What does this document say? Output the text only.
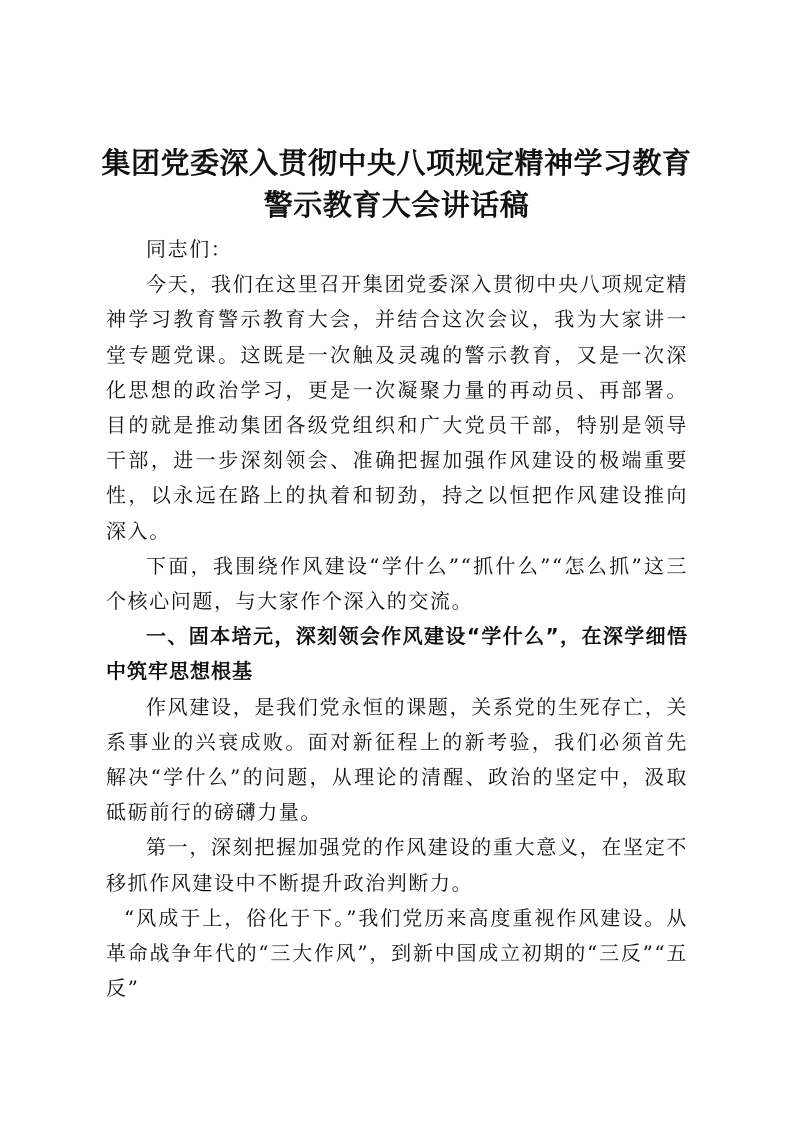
集团党委深入贯彻中央八项规定精神学习教育
警示教育大会讲话稿

同志们：

今天，我们在这里召开集团党委深入贯彻中央八项规定精神学习教育警示教育大会，并结合这次会议，我为大家讲一堂专题党课。这既是一次触及灵魂的警示教育，又是一次深化思想的政治学习，更是一次凝聚力量的再动员、再部署。目的就是推动集团各级党组织和广大党员干部，特别是领导干部，进一步深刻领会、准确把握加强作风建设的极端重要性，以永远在路上的执着和韧劲，持之以恒把作风建设推向深入。

下面，我围绕作风建设“学什么”“抓什么”“怎么抓”这三个核心问题，与大家作个深入的交流。

一、固本培元，深刻领会作风建设“学什么”，在深学细悟中筑牢思想根基

作风建设，是我们党永恒的课题，关系党的生死存亡，关系事业的兴衰成败。面对新征程上的新考验，我们必须首先解决“学什么”的问题，从理论的清醒、政治的坚定中，汲取砥砺前行的磅礴力量。

第一，深刻把握加强党的作风建设的重大意义，在坚定不移抓作风建设中不断提升政治判断力。

“风成于上，俗化于下。”我们党历来高度重视作风建设。从革命战争年代的“三大作风”，到新中国成立初期的“三反”“五反”
